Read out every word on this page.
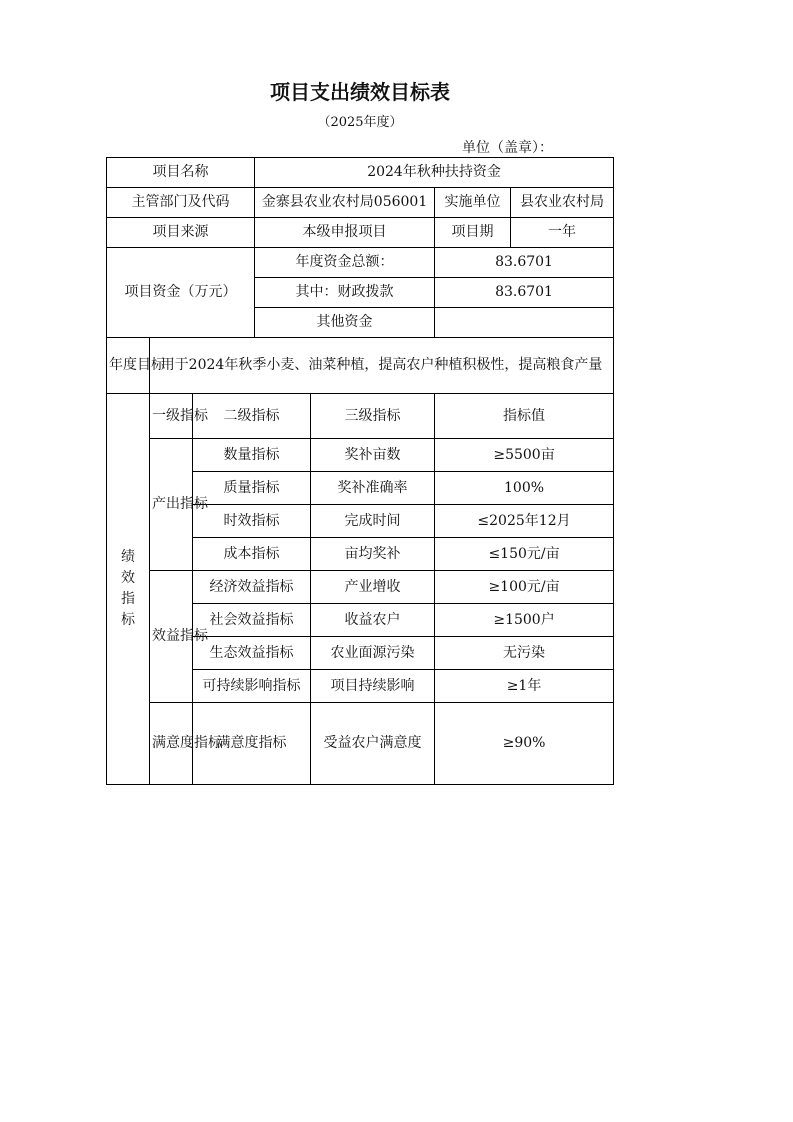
项目支出绩效目标表
（2025年度）
单位（盖章）：
项目名称			2024年秋种扶持资金			
主管部门及代码			金寨县农业农村局056001		实施单位	县农业农村局
项目来源			本级申报项目		项目期	一年
项目资金（万元）			年度资金总额：		83.6701	
			其中：财政拨款		83.6701	
			其他资金			
年度目标	用于2024年秋季小麦、油菜种植，提高农户种植积极性，提高粮食产量					

绩效指标	一级指标	二级指标		三级指标	指标值	
	产出指标	数量指标		奖补亩数	≥5500亩	
		质量指标		奖补准确率	100%	
		时效指标		完成时间	≤2025年12月	
		成本指标		亩均奖补	≤150元/亩	
	效益指标	经济效益指标		产业增收	≥100元/亩	
		社会效益指标		收益农户	≥1500户	
		生态效益指标		农业面源污染	无污染	
		可持续影响指标		项目持续影响	≥1年	
	满意度指标	满意度指标		受益农户满意度	≥90%	
